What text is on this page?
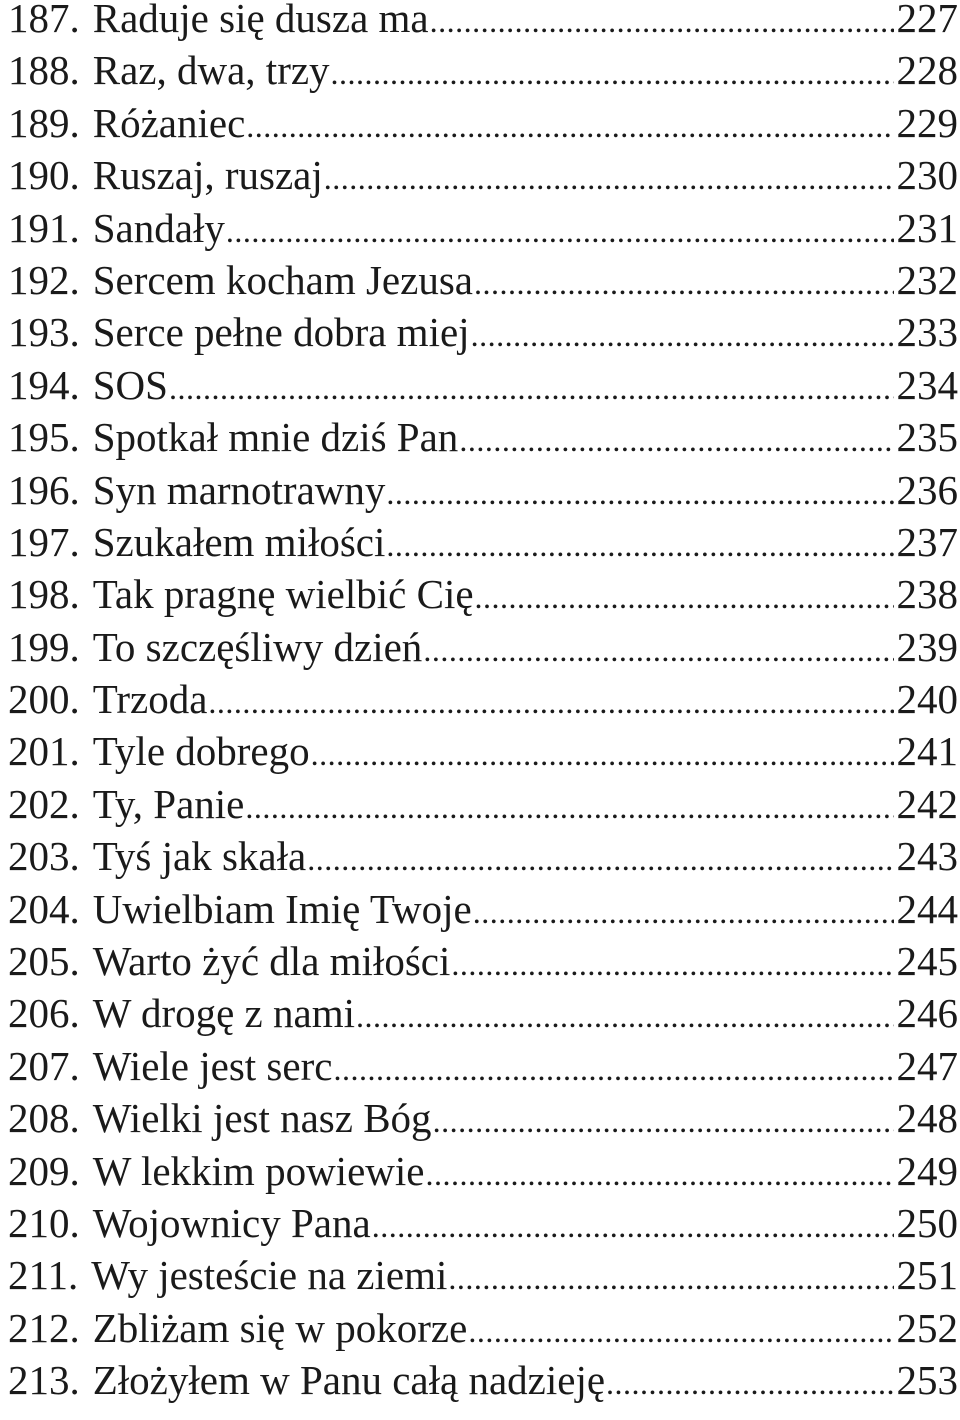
187. Raduje się dusza ma .....	227
188. Raz, dwa, trzy .....	228
189. Różaniec .....	229
190. Ruszaj, ruszaj .....	230
191. Sandały .....	231
192. Sercem kocham Jezusa .....	232
193. Serce pełne dobra miej .....	233
194. SOS .....	234
195. Spotkał mnie dziś Pan .....	235
196. Syn marnotrawny .....	236
197. Szukałem miłości .....	237
198. Tak pragnę wielbić Cię .....	238
199. To szczęśliwy dzień .....	239
200. Trzoda .....	240
201. Tyle dobrego .....	241
202. Ty, Panie .....	242
203. Tyś jak skała .....	243
204. Uwielbiam Imię Twoje .....	244
205. Warto żyć dla miłości .....	245
206. W drogę z nami .....	246
207. Wiele jest serc .....	247
208. Wielki jest nasz Bóg .....	248
209. W lekkim powiewie .....	249
210. Wojownicy Pana .....	250
211. Wy jesteście na ziemi .....	251
212. Zbliżam się w pokorze .....	252
213. Złożyłem w Panu całą nadzieję .....	253
